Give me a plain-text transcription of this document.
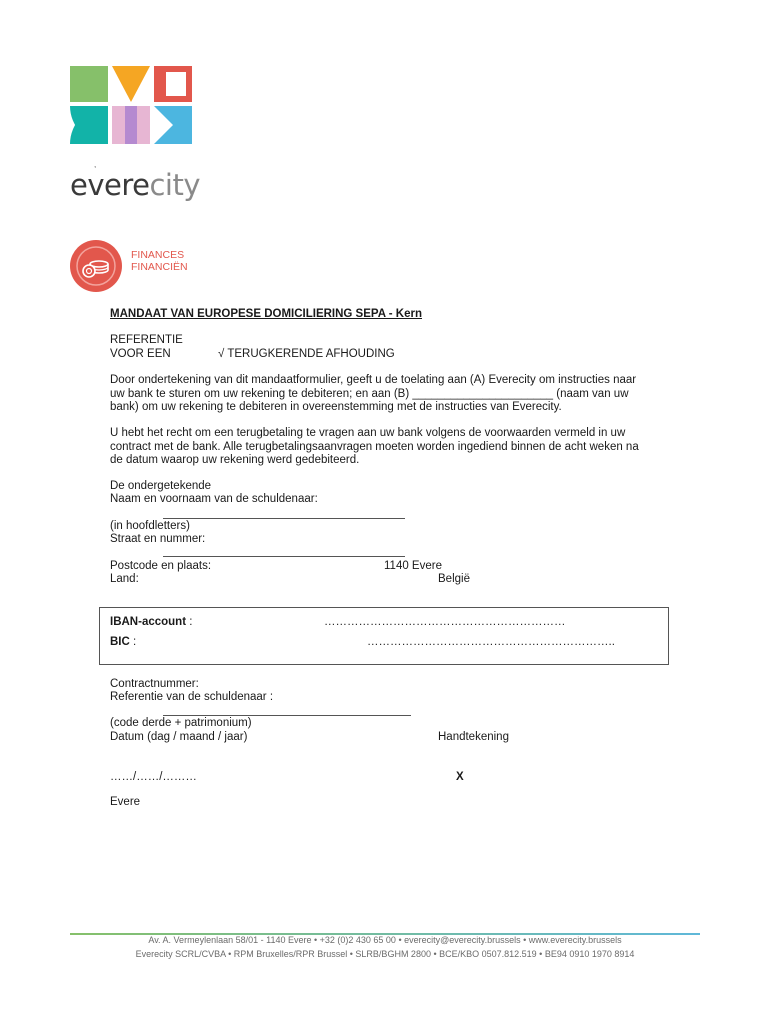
,
everecity
FINANCES
FINANCIËN
MANDAAT VAN EUROPESE DOMICILIERING SEPA - Kern
REFERENTIE
VOOR EEN	√ TERUGKERENDE AFHOUDING
Door ondertekening van dit mandaatformulier, geeft u de toelating aan (A) Everecity om instructies naar
uw bank te sturen om uw rekening te debiteren; en aan (B) ______________________ (naam van uw
bank) om uw rekening te debiteren in overeenstemming met de instructies van Everecity.
U hebt het recht om een terugbetaling te vragen aan uw bank volgens de voorwaarden vermeld in uw
contract met de bank. Alle terugbetalingsaanvragen moeten worden ingediend binnen de acht weken na
de datum waarop uw rekening werd gedebiteerd.
De ondergetekende
Naam en voornaam van de schuldenaar:
(in hoofdletters)
Straat en nummer:
Postcode en plaats:	1140 Evere
Land:	België
IBAN-account :	………………………………………………………
BIC :	………………………………………………………..
Contractnummer:
Referentie van de schuldenaar :
(code derde + patrimonium)
Datum (dag / maand / jaar)	Handtekening
……/……/………	X
Evere
Av. A. Vermeylenlaan 58/01 - 1140 Evere • +32 (0)2 430 65 00 • everecity@everecity.brussels • www.everecity.brussels
Everecity SCRL/CVBA • RPM Bruxelles/RPR Brussel • SLRB/BGHM 2800 • BCE/KBO 0507.812.519 • BE94 0910 1970 8914
